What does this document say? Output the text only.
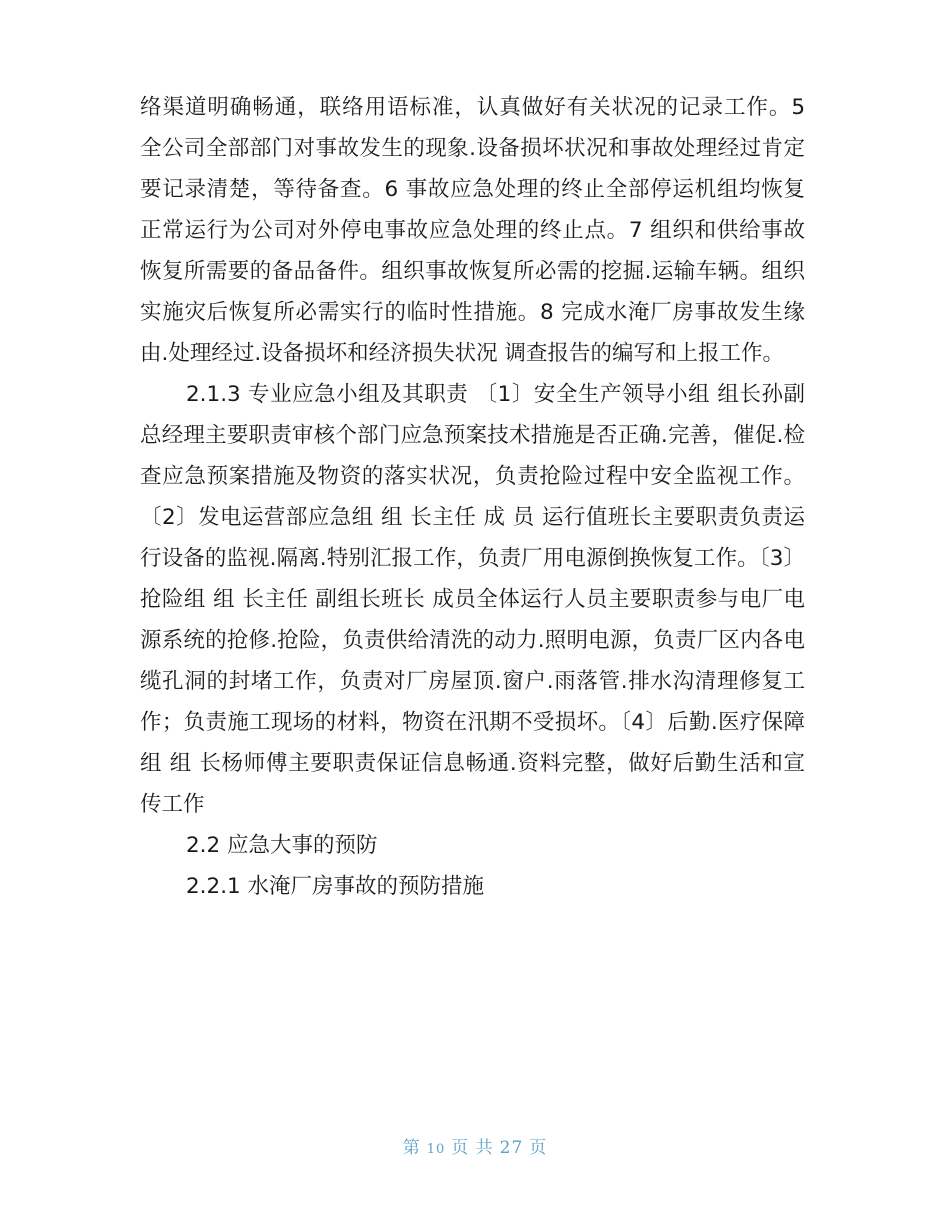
络渠道明确畅通，联络用语标准，认真做好有关状况的记录工作。5 全公司全部部门对事故发生的现象.设备损坏状况和事故处理经过肯定要记录清楚，等待备查。6 事故应急处理的终止全部停运机组均恢复正常运行为公司对外停电事故应急处理的终止点。7 组织和供给事故恢复所需要的备品备件。组织事故恢复所必需的挖掘.运输车辆。组织实施灾后恢复所必需实行的临时性措施。8 完成水淹厂房事故发生缘由.处理经过.设备损坏和经济损失状况 调查报告的编写和上报工作。

2.1.3 专业应急小组及其职责 〔1〕安全生产领导小组 组长孙副总经理主要职责审核个部门应急预案技术措施是否正确.完善，催促.检查应急预案措施及物资的落实状况，负责抢险过程中安全监视工作。〔2〕发电运营部应急组 组 长主任 成 员 运行值班长主要职责负责运行设备的监视.隔离.特别汇报工作，负责厂用电源倒换恢复工作。〔3〕抢险组 组 长主任 副组长班长 成员全体运行人员主要职责参与电厂电源系统的抢修.抢险，负责供给清洗的动力.照明电源，负责厂区内各电缆孔洞的封堵工作，负责对厂房屋顶.窗户.雨落管.排水沟清理修复工作；负责施工现场的材料，物资在汛期不受损坏。〔4〕后勤.医疗保障组 组 长杨师傅主要职责保证信息畅通.资料完整，做好后勤生活和宣传工作

2.2 应急大事的预防

2.2.1 水淹厂房事故的预防措施

第 10 页 共 27 页
